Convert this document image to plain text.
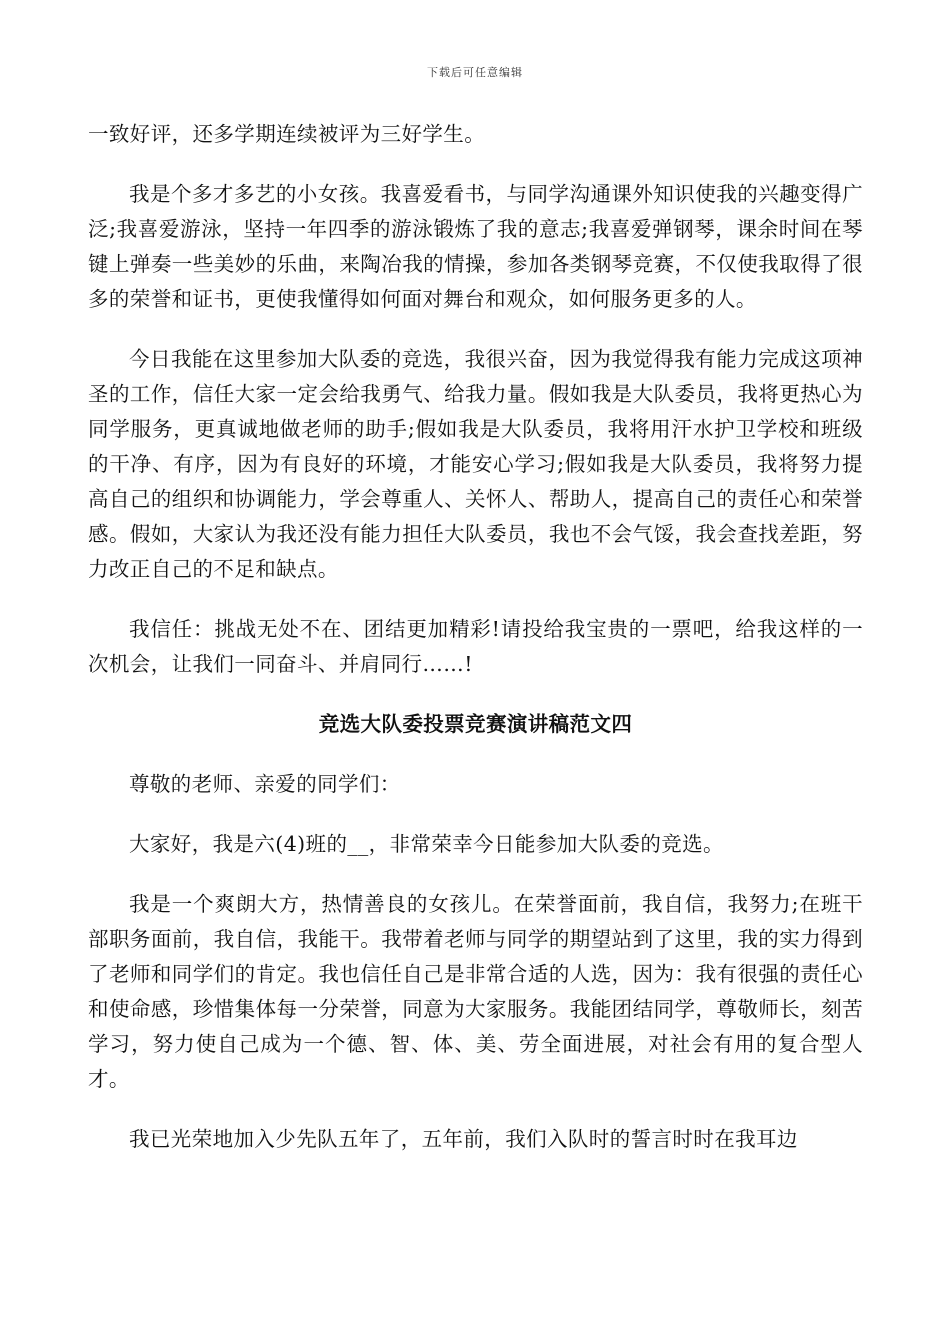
下载后可任意编辑

一致好评，还多学期连续被评为三好学生。

我是个多才多艺的小女孩。我喜爱看书，与同学沟通课外知识使我的兴趣变得广泛;我喜爱游泳，坚持一年四季的游泳锻炼了我的意志;我喜爱弹钢琴，课余时间在琴键上弹奏一些美妙的乐曲，来陶冶我的情操，参加各类钢琴竞赛，不仅使我取得了很多的荣誉和证书，更使我懂得如何面对舞台和观众，如何服务更多的人。

今日我能在这里参加大队委的竞选，我很兴奋，因为我觉得我有能力完成这项神圣的工作，信任大家一定会给我勇气、给我力量。假如我是大队委员，我将更热心为同学服务，更真诚地做老师的助手;假如我是大队委员，我将用汗水护卫学校和班级的干净、有序，因为有良好的环境，才能安心学习;假如我是大队委员，我将努力提高自己的组织和协调能力，学会尊重人、关怀人、帮助人，提高自己的责任心和荣誉感。假如，大家认为我还没有能力担任大队委员，我也不会气馁，我会查找差距，努力改正自己的不足和缺点。

我信任：挑战无处不在、团结更加精彩!请投给我宝贵的一票吧，给我这样的一次机会，让我们一同奋斗、并肩同行……!

竞选大队委投票竞赛演讲稿范文四

尊敬的老师、亲爱的同学们：

大家好，我是六(4)班的__，非常荣幸今日能参加大队委的竞选。

我是一个爽朗大方，热情善良的女孩儿。在荣誉面前，我自信，我努力;在班干部职务面前，我自信，我能干。我带着老师与同学的期望站到了这里，我的实力得到了老师和同学们的肯定。我也信任自己是非常合适的人选，因为：我有很强的责任心和使命感，珍惜集体每一分荣誉，同意为大家服务。我能团结同学，尊敬师长，刻苦学习，努力使自己成为一个德、智、体、美、劳全面进展，对社会有用的复合型人才。

我已光荣地加入少先队五年了，五年前，我们入队时的誓言时时在我耳边
